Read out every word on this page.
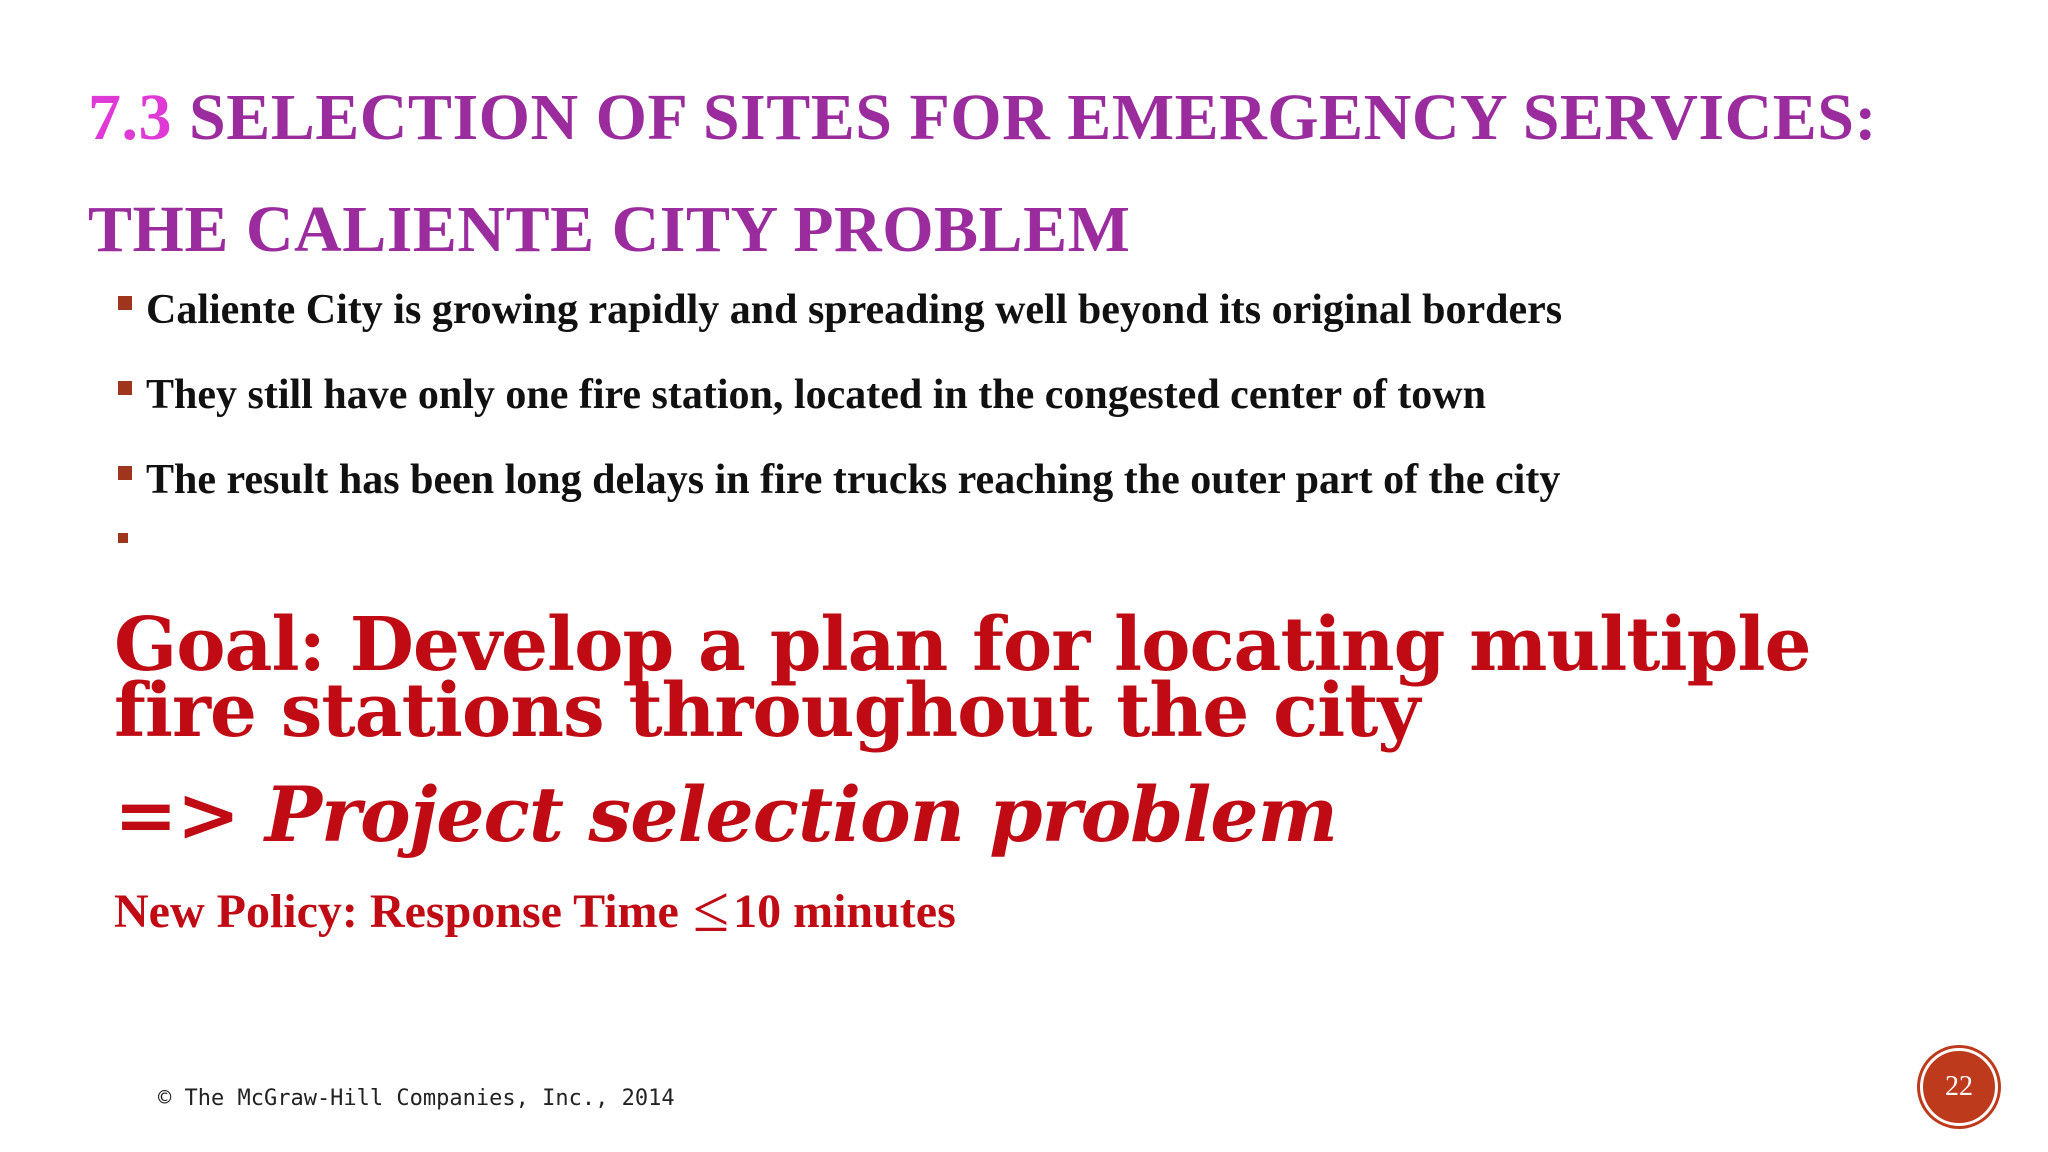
7.3 SELECTION OF SITES FOR EMERGENCY SERVICES:
THE CALIENTE CITY PROBLEM
Caliente City is growing rapidly and spreading well beyond its original borders
They still have only one fire station, located in the congested center of town
The result has been long delays in fire trucks reaching the outer part of the city

Goal: Develop a plan for locating multiple fire stations throughout the city

=> Project selection problem
New Policy: Response Time ≤10 minutes
© The McGraw-Hill Companies, Inc., 2014	22
